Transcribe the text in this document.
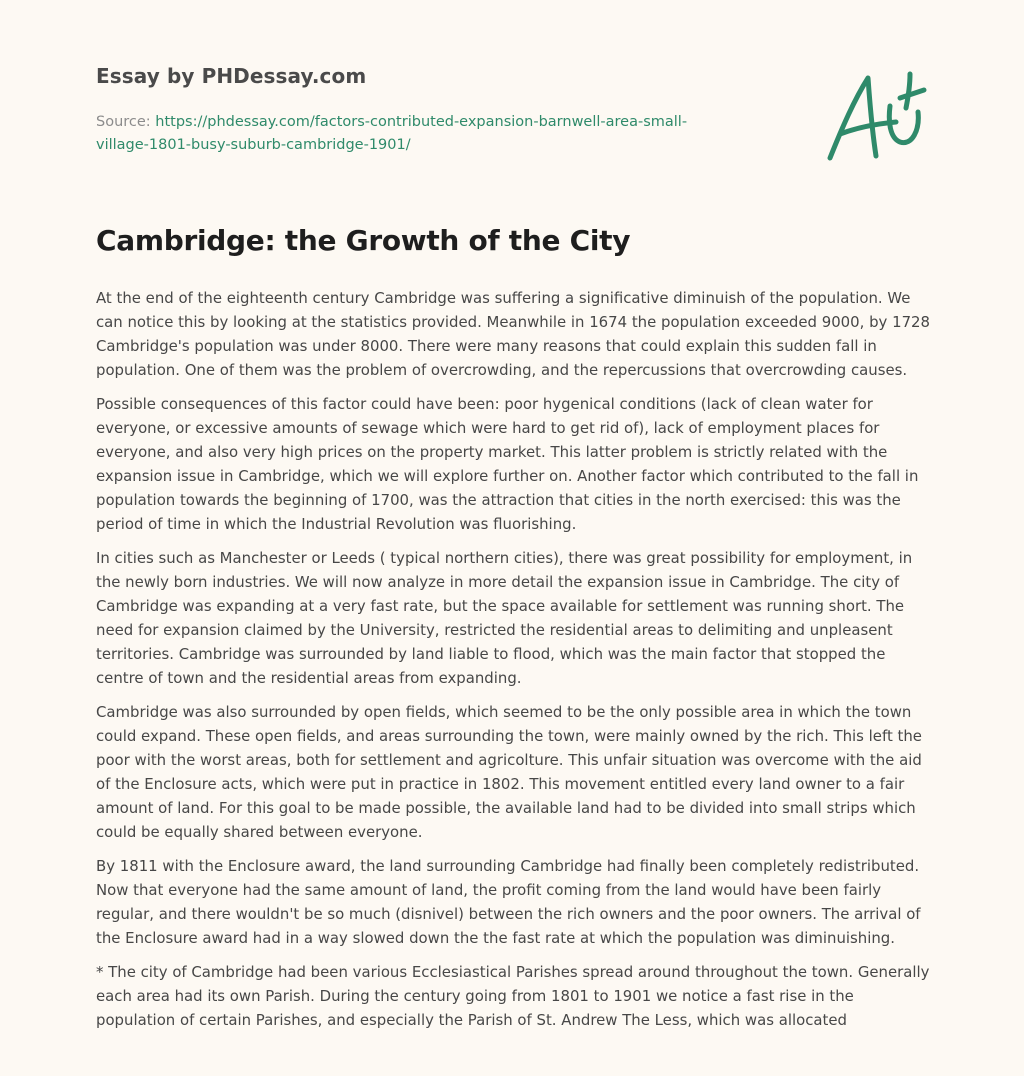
Essay by PHDessay.com
Source: https://phdessay.com/factors-contributed-expansion-barnwell-area-small-village-1801-busy-suburb-cambridge-1901/
Cambridge: the Growth of the City

At the end of the eighteenth century Cambridge was suffering a significative diminuish of the population. We can notice this by looking at the statistics provided. Meanwhile in 1674 the population exceeded 9000, by 1728 Cambridge's population was under 8000. There were many reasons that could explain this sudden fall in population. One of them was the problem of overcrowding, and the repercussions that overcrowding causes.

Possible consequences of this factor could have been: poor hygenical conditions (lack of clean water for everyone, or excessive amounts of sewage which were hard to get rid of), lack of employment places for everyone, and also very high prices on the property market. This latter problem is strictly related with the expansion issue in Cambridge, which we will explore further on. Another factor which contributed to the fall in population towards the beginning of 1700, was the attraction that cities in the north exercised: this was the period of time in which the Industrial Revolution was fluorishing.

In cities such as Manchester or Leeds ( typical northern cities), there was great possibility for employment, in the newly born industries. We will now analyze in more detail the expansion issue in Cambridge. The city of Cambridge was expanding at a very fast rate, but the space available for settlement was running short. The need for expansion claimed by the University, restricted the residential areas to delimiting and unpleasent territories. Cambridge was surrounded by land liable to flood, which was the main factor that stopped the centre of town and the residential areas from expanding.

Cambridge was also surrounded by open fields, which seemed to be the only possible area in which the town could expand. These open fields, and areas surrounding the town, were mainly owned by the rich. This left the poor with the worst areas, both for settlement and agricolture. This unfair situation was overcome with the aid of the Enclosure acts, which were put in practice in 1802. This movement entitled every land owner to a fair amount of land. For this goal to be made possible, the available land had to be divided into small strips which could be equally shared between everyone.

By 1811 with the Enclosure award, the land surrounding Cambridge had finally been completely redistributed. Now that everyone had the same amount of land, the profit coming from the land would have been fairly regular, and there wouldn't be so much (disnivel) between the rich owners and the poor owners. The arrival of the Enclosure award had in a way slowed down the the fast rate at which the population was diminuishing.

* The city of Cambridge had been various Ecclesiastical Parishes spread around throughout the town. Generally each area had its own Parish. During the century going from 1801 to 1901 we notice a fast rise in the population of certain Parishes, and especially the Parish of St. Andrew The Less, which was allocated
